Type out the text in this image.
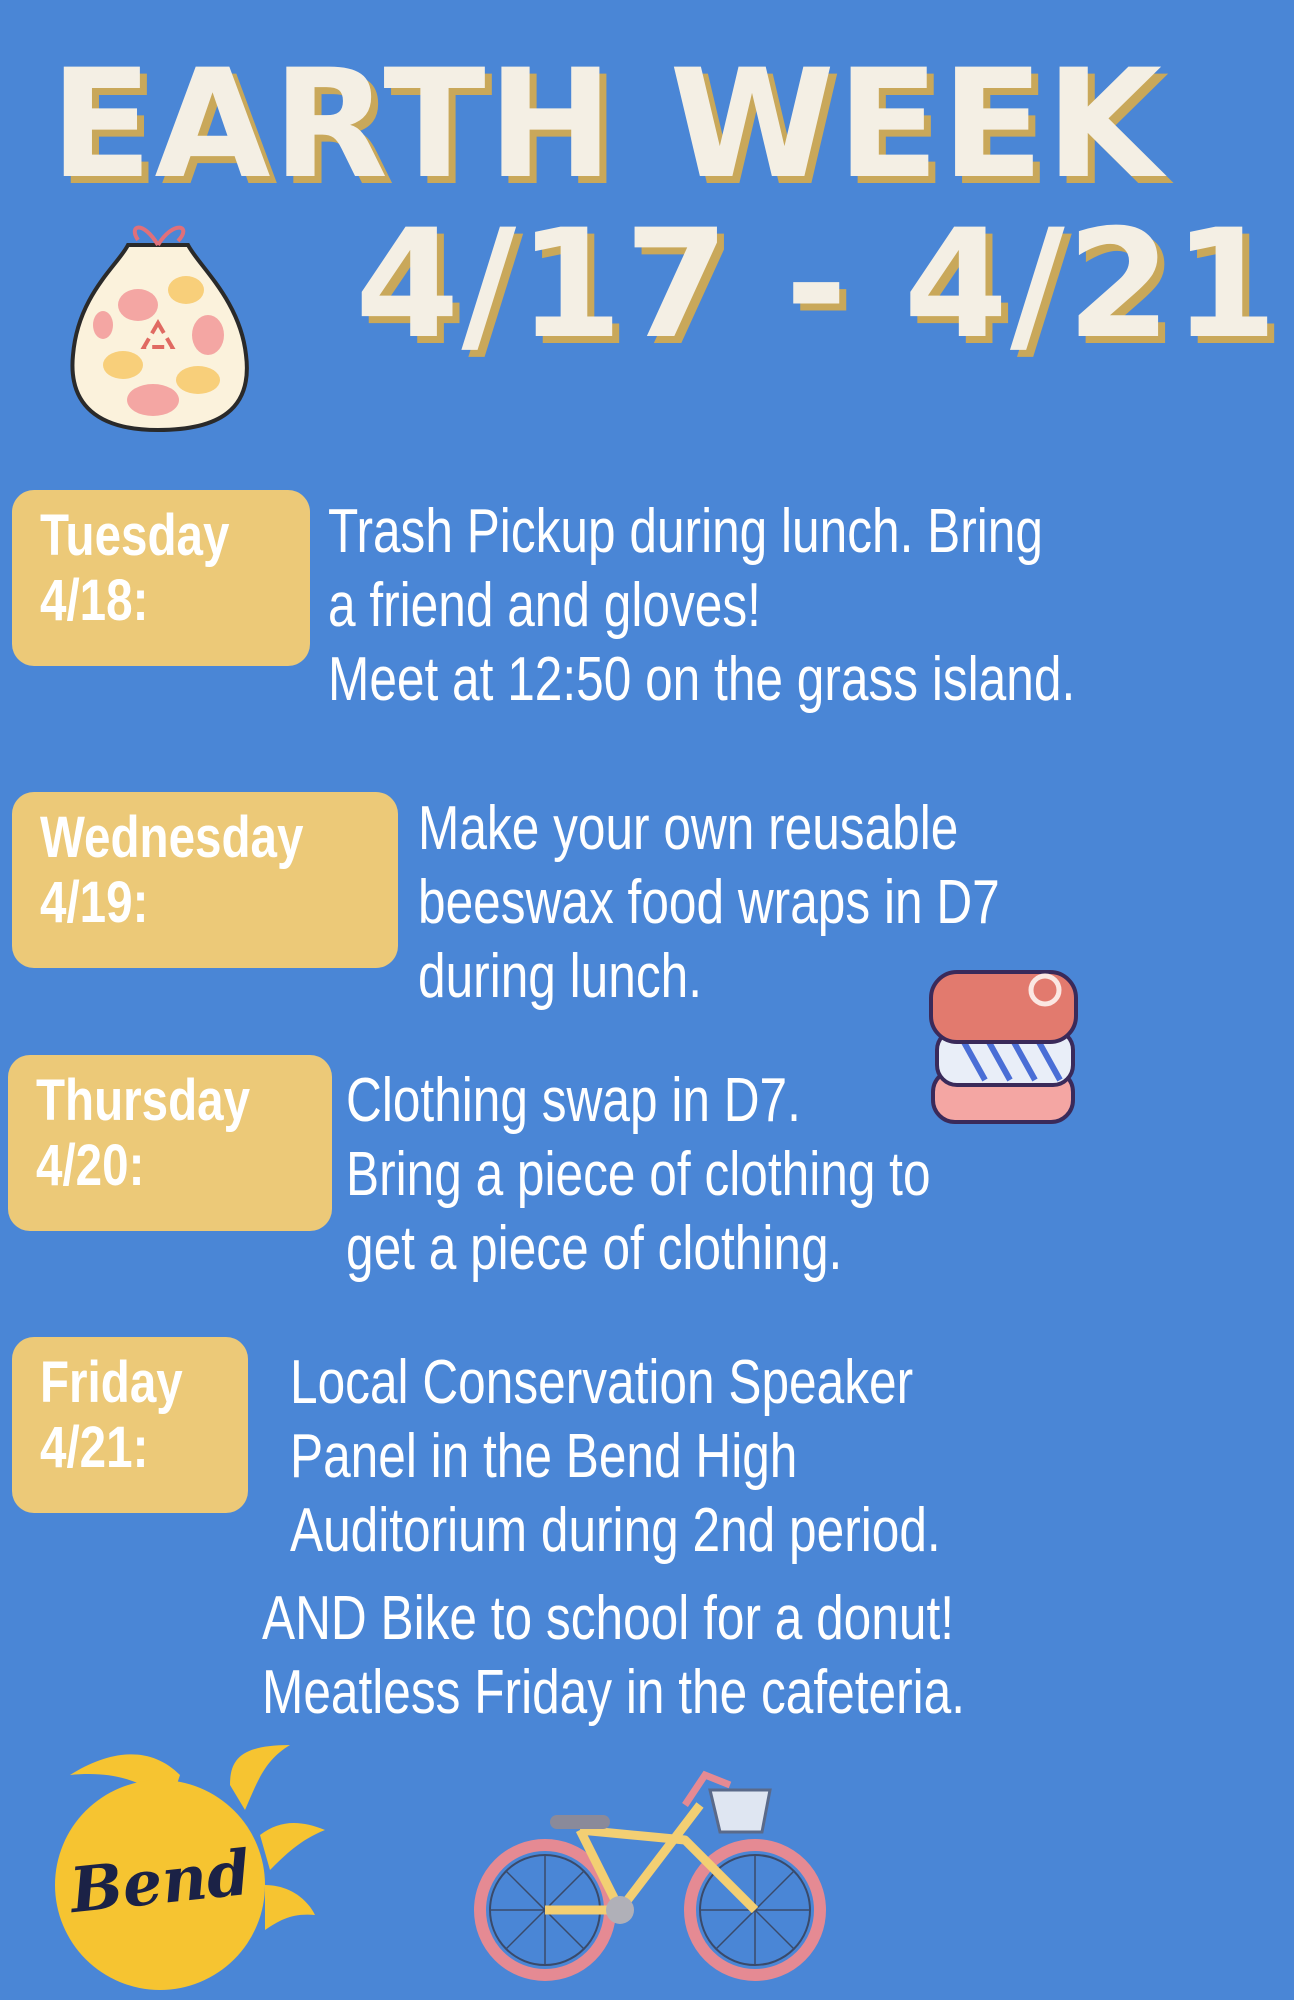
EARTH WEEK
4/17 - 4/21
Tuesday
4/18:
Trash Pickup during lunch. Bring
a friend and gloves!
Meet at 12:50 on the grass island.
Wednesday
4/19:
Make your own reusable
beeswax food wraps in D7
during lunch.
Thursday
4/20:
Clothing swap in D7.
Bring a piece of clothing to
get a piece of clothing.
Friday
4/21:
Local Conservation Speaker
Panel in the Bend High
Auditorium during 2nd period.
AND Bike to school for a donut!
Meatless Friday in the cafeteria.
Bend
